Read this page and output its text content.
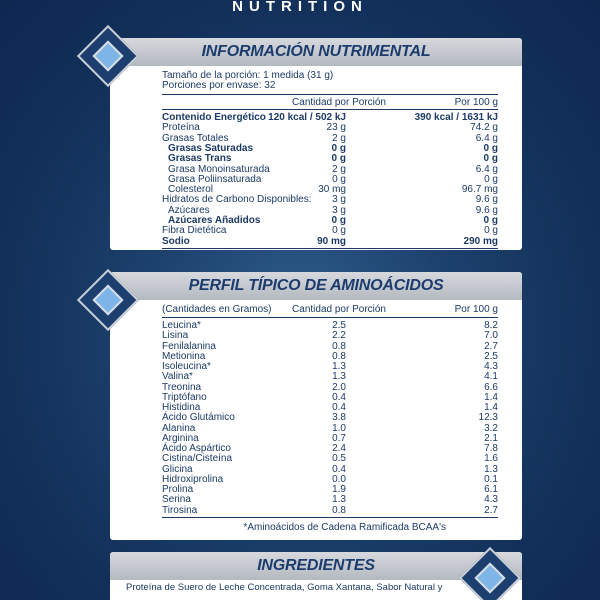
NUTRITION
INFORMACIÓN NUTRIMENTAL
Tamaño de la porción: 1 medida (31 g)
Porciones por envase: 32
Cantidad por Porción	Por 100 g
Contenido Energético 120 kcal / 502 kJ	390 kcal / 1631 kJ
Proteína	23 g	74.2 g
Grasas Totales	2 g	6.4 g
Grasas Saturadas	0 g	0 g
Grasas Trans	0 g	0 g
Grasa Monoinsaturada	2 g	6.4 g
Grasa Poliinsaturada	0 g	0 g
Colesterol	30 mg	96.7 mg
Hidratos de Carbono Disponibles: 3 g	9.6 g
Azúcares	3 g	9.6 g
Azúcares Añadidos	0 g	0 g
Fibra Dietética	0 g	0 g
Sodio	90 mg	290 mg
PERFIL TÍPICO DE AMINOÁCIDOS
(Cantidades en Gramos) Cantidad por Porción	Por 100 g
Leucina*	2.5	8.2
Lisina	2.2	7.0
Fenilalanina	0.8	2.7
Metionina	0.8	2.5
Isoleucina*	1.3	4.3
Valina*	1.3	4.1
Treonina	2.0	6.6
Triptófano	0.4	1.4
Histidina	0.4	1.4
Ácido Glutámico	3.8	12.3
Alanina	1.0	3.2
Arginina	0.7	2.1
Ácido Aspártico	2.4	7.8
Cistina/Cisteína	0.5	1.6
Glicina	0.4	1.3
Hidroxiprolina	0.0	0.1
Prolina	1.9	6.1
Serina	1.3	4.3
Tirosina	0.8	2.7
*Aminoácidos de Cadena Ramificada BCAA's
INGREDIENTES
Proteína de Suero de Leche Concentrada, Goma Xantana, Sabor Natural y
